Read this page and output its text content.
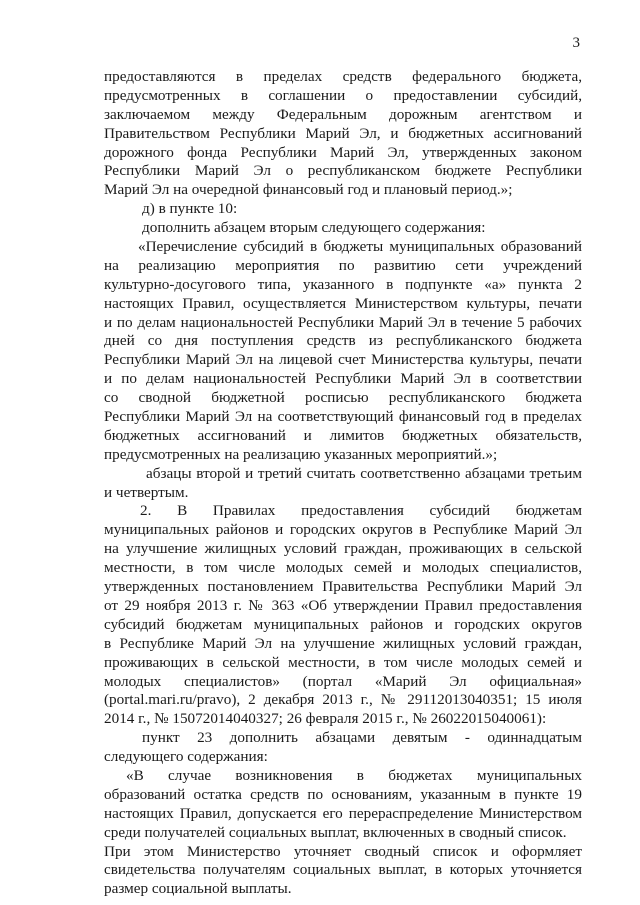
3
предоставляются в пределах средств федерального бюджета,
предусмотренных в соглашении о предоставлении субсидий,
заключаемом между Федеральным дорожным агентством и
Правительством Республики Марий Эл, и бюджетных ассигнований
дорожного фонда Республики Марий Эл, утвержденных законом
Республики Марий Эл о республиканском бюджете Республики
Марий Эл на очередной финансовый год и плановый период.»;
д) в пункте 10:
дополнить абзацем вторым следующего содержания:
«Перечисление субсидий в бюджеты муниципальных образований
на реализацию мероприятия по развитию сети учреждений
культурно-досугового типа, указанного в подпункте «а» пункта 2
настоящих Правил, осуществляется Министерством культуры, печати
и по делам национальностей Республики Марий Эл в течение 5 рабочих
дней со дня поступления средств из республиканского бюджета
Республики Марий Эл на лицевой счет Министерства культуры, печати
и по делам национальностей Республики Марий Эл в соответствии
со сводной бюджетной росписью республиканского бюджета
Республики Марий Эл на соответствующий финансовый год в пределах
бюджетных ассигнований и лимитов бюджетных обязательств,
предусмотренных на реализацию указанных мероприятий.»;
абзацы второй и третий считать соответственно абзацами третьим
и четвертым.
2. В Правилах предоставления субсидий бюджетам
муниципальных районов и городских округов в Республике Марий Эл
на улучшение жилищных условий граждан, проживающих в сельской
местности, в том числе молодых семей и молодых специалистов,
утвержденных постановлением Правительства Республики Марий Эл
от 29 ноября 2013 г. № 363 «Об утверждении Правил предоставления
субсидий бюджетам муниципальных районов и городских округов
в Республике Марий Эл на улучшение жилищных условий граждан,
проживающих в сельской местности, в том числе молодых семей и
молодых специалистов» (портал «Марий Эл официальная»
(portal.mari.ru/pravo), 2 декабря 2013 г., № 29112013040351; 15 июля
2014 г., № 15072014040327; 26 февраля 2015 г., № 26022015040061):
пункт 23 дополнить абзацами девятым - одиннадцатым
следующего содержания:
«В случае возникновения в бюджетах муниципальных
образований остатка средств по основаниям, указанным в пункте 19
настоящих Правил, допускается его перераспределение Министерством
среди получателей социальных выплат, включенных в сводный список.
При этом Министерство уточняет сводный список и оформляет
свидетельства получателям социальных выплат, в которых уточняется
размер социальной выплаты.
